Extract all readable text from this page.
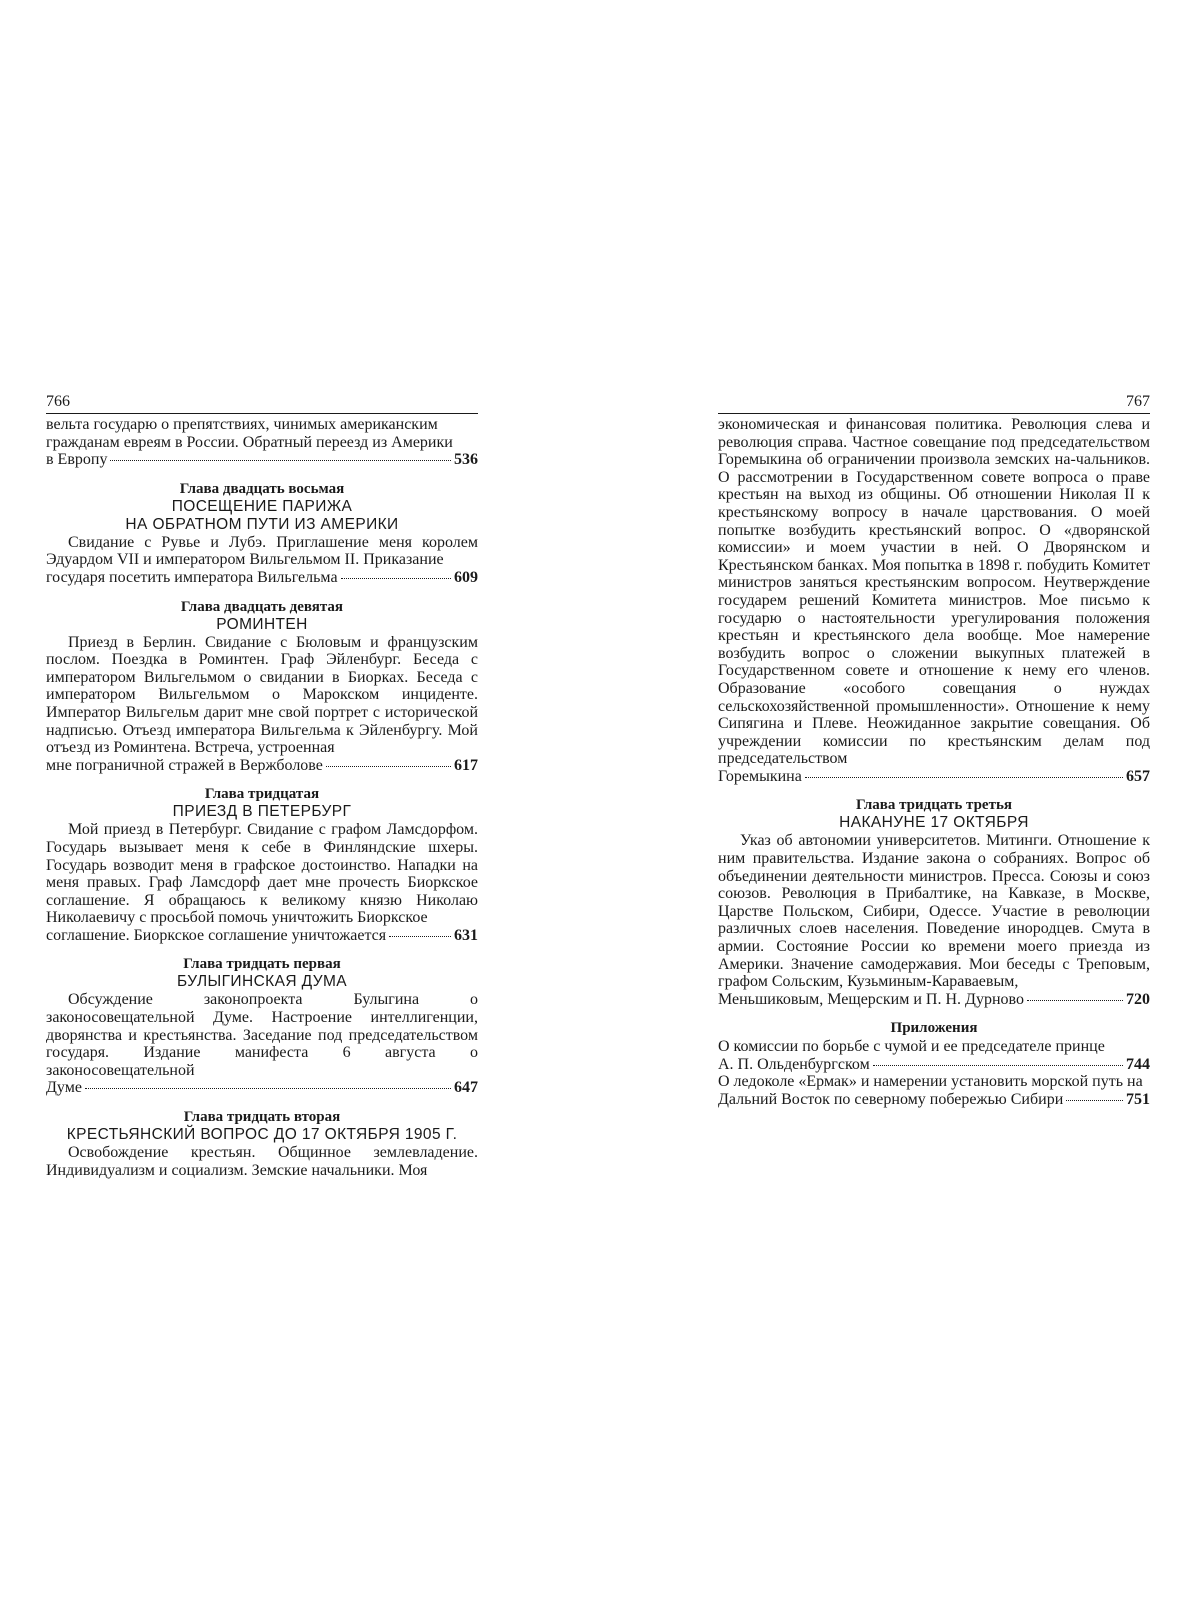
766
вельта государю о препятствиях, чинимых американским
гражданам евреям в России. Обратный переезд из Америки
в Европу	536
Глава двадцать восьмая
ПОСЕЩЕНИЕ ПАРИЖА
НА ОБРАТНОМ ПУТИ ИЗ АМЕРИКИ
Свидание с Рувье и Лубэ. Приглашение меня королем Эдуардом VII и императором Вильгельмом II. Приказание
государя посетить императора Вильгельма	609
Глава двадцать девятая
РОМИНТЕН
Приезд в Берлин. Свидание с Бюловым и французским послом. Поездка в Роминтен. Граф Эйленбург. Беседа с императором Вильгельмом о свидании в Биорках. Беседа с императором Вильгельмом о Марокском инциденте. Император Вильгельм дарит мне свой портрет с исторической надписью. Отъезд императора Вильгельма к Эйленбургу. Мой отъезд из Роминтена. Встреча, устроенная
мне пограничной стражей в Вержболове	617
Глава тридцатая
ПРИЕЗД В ПЕТЕРБУРГ
Мой приезд в Петербург. Свидание с графом Ламсдорфом. Государь вызывает меня к себе в Финляндские шхеры. Государь возводит меня в графское достоинство. Нападки на меня правых. Граф Ламсдорф дает мне прочесть Биоркское соглашение. Я обращаюсь к великому князю Николаю Николаевичу с просьбой помочь уничтожить Биоркское
соглашение. Биоркское соглашение уничтожается	631
Глава тридцать первая
БУЛЫГИНСКАЯ ДУМА
Обсуждение законопроекта Булыгина о законосовещательной Думе. Настроение интеллигенции, дворянства и крестьянства. Заседание под председательством государя. Издание манифеста 6 августа о законосовещательной
Думе	647
Глава тридцать вторая
КРЕСТЬЯНСКИЙ ВОПРОС ДО 17 ОКТЯБРЯ 1905 Г.
Освобождение крестьян. Общинное землевладение. Индивидуализм и социализм. Земские начальники. Моя
767
экономическая и финансовая политика. Революция слева и революция справа. Частное совещание под председательством Горемыкина об ограничении произвола земских на-чальников. О рассмотрении в Государственном совете вопроса о праве крестьян на выход из общины. Об отношении Николая II к крестьянскому вопросу в начале царствования. О моей попытке возбудить крестьянский вопрос. О «дворянской комиссии» и моем участии в ней. О Дворянском и Крестьянском банках. Моя попытка в 1898 г. побудить Комитет министров заняться крестьянским вопросом. Неутверждение государем решений Комитета министров. Мое письмо к государю о настоятельности урегулирования положения крестьян и крестьянского дела вообще. Мое намерение возбудить вопрос о сложении выкупных платежей в Государственном совете и отношение к нему его членов. Образование «особого совещания о нуждах сельскохозяйственной промышленности». Отношение к нему Сипягина и Плеве. Неожиданное закрытие совещания. Об учреждении комиссии по крестьянским делам под председательством
Горемыкина	657
Глава тридцать третья
НАКАНУНЕ 17 ОКТЯБРЯ
Указ об автономии университетов. Митинги. Отношение к ним правительства. Издание закона о собраниях. Вопрос об объединении деятельности министров. Пресса. Союзы и союз союзов. Революция в Прибалтике, на Кавказе, в Москве, Царстве Польском, Сибири, Одессе. Участие в революции различных слоев населения. Поведение инородцев. Смута в армии. Состояние России ко времени моего приезда из Америки. Значение самодержавия. Мои беседы с Треповым, графом Сольским, Кузьминым-Караваевым,
Меньшиковым, Мещерским и П. Н. Дурново	720
Приложения
О комиссии по борьбе с чумой и ее председателе принце
А. П. Ольденбургском	744
О ледоколе «Ермак» и намерении установить морской путь на
Дальний Восток по северному побережью Сибири	751
